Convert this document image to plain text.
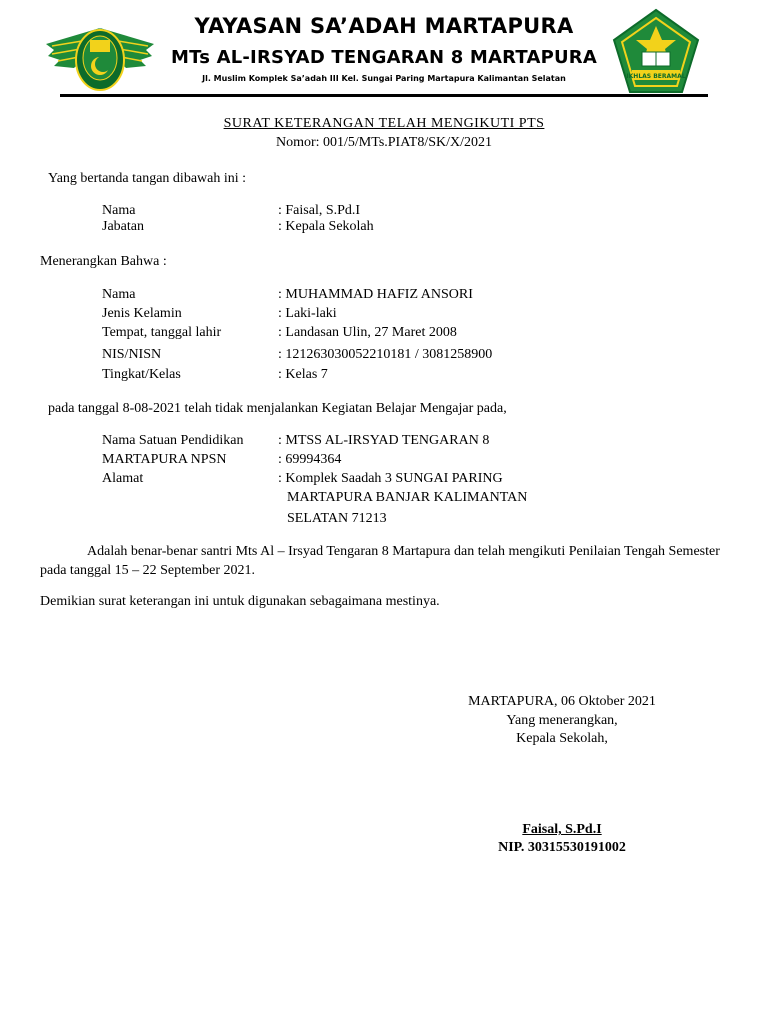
IKHLAS BERAMAL
YAYASAN SA’ADAH MARTAPURA
MTs AL-IRSYAD TENGARAN 8 MARTAPURA
Jl. Muslim Komplek Sa’adah III Kel. Sungai Paring Martapura Kalimantan Selatan
SURAT KETERANGAN TELAH MENGIKUTI PTS
Nomor: 001/5/MTs.PIAT8/SK/X/2021
Yang bertanda tangan dibawah ini :
Nama	: Faisal, S.Pd.I
Jabatan	: Kepala Sekolah
Menerangkan Bahwa :
Nama	: MUHAMMAD HAFIZ ANSORI
Jenis Kelamin	: Laki-laki
Tempat, tanggal lahir	: Landasan Ulin, 27 Maret 2008
NIS/NISN	: 121263030052210181 / 3081258900
Tingkat/Kelas	: Kelas 7
pada tanggal 8-08-2021 telah tidak menjalankan Kegiatan Belajar Mengajar pada,
Nama Satuan Pendidikan : MTSS AL-IRSYAD TENGARAN 8
MARTAPURA NPSN	: 69994364
Alamat	: Komplek Saadah 3 SUNGAI PARING
MARTAPURA BANJAR KALIMANTAN
SELATAN 71213
Adalah benar-benar santri Mts Al – Irsyad Tengaran 8 Martapura dan telah mengikuti Penilaian Tengah Semester pada tanggal 15 – 22 September 2021.
Demikian surat keterangan ini untuk digunakan sebagaimana mestinya.
MARTAPURA, 06 Oktober 2021
Yang menerangkan,
Kepala Sekolah,
Faisal, S.Pd.I
NIP. 30315530191002
